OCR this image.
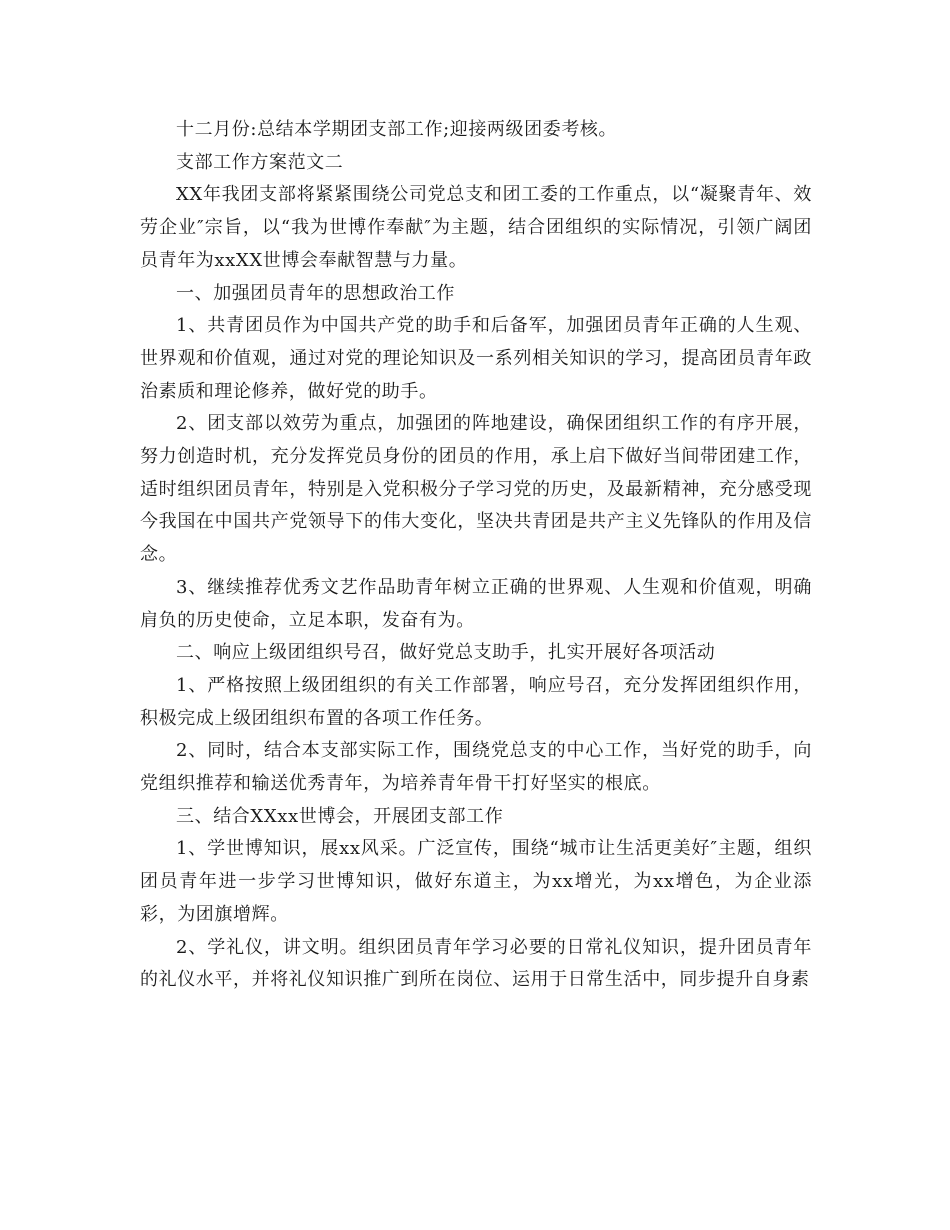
十二月份:总结本学期团支部工作;迎接两级团委考核。

支部工作方案范文二

XX年我团支部将紧紧围绕公司党总支和团工委的工作重点，以“凝聚青年、效劳企业″宗旨，以“我为世博作奉献″为主题，结合团组织的实际情况，引领广阔团员青年为xxXX世博会奉献智慧与力量。

一、加强团员青年的思想政治工作

1、共青团员作为中国共产党的助手和后备军，加强团员青年正确的人生观、世界观和价值观，通过对党的理论知识及一系列相关知识的学习，提高团员青年政治素质和理论修养，做好党的助手。

2、团支部以效劳为重点，加强团的阵地建设，确保团组织工作的有序开展，努力创造时机，充分发挥党员身份的团员的作用，承上启下做好当间带团建工作，适时组织团员青年，特别是入党积极分子学习党的历史，及最新精神，充分感受现今我国在中国共产党领导下的伟大变化，坚决共青团是共产主义先锋队的作用及信念。

3、继续推荐优秀文艺作品助青年树立正确的世界观、人生观和价值观，明确肩负的历史使命，立足本职，发奋有为。

二、响应上级团组织号召，做好党总支助手，扎实开展好各项活动

1、严格按照上级团组织的有关工作部署，响应号召，充分发挥团组织作用，积极完成上级团组织布置的各项工作任务。

2、同时，结合本支部实际工作，围绕党总支的中心工作，当好党的助手，向党组织推荐和输送优秀青年，为培养青年骨干打好坚实的根底。

三、结合XXxx世博会，开展团支部工作

1、学世博知识，展xx风采。广泛宣传，围绕“城市让生活更美好″主题，组织团员青年进一步学习世博知识，做好东道主，为xx增光，为xx增色，为企业添彩，为团旗增辉。

2、学礼仪，讲文明。组织团员青年学习必要的日常礼仪知识，提升团员青年的礼仪水平，并将礼仪知识推广到所在岗位、运用于日常生活中，同步提升自身素
